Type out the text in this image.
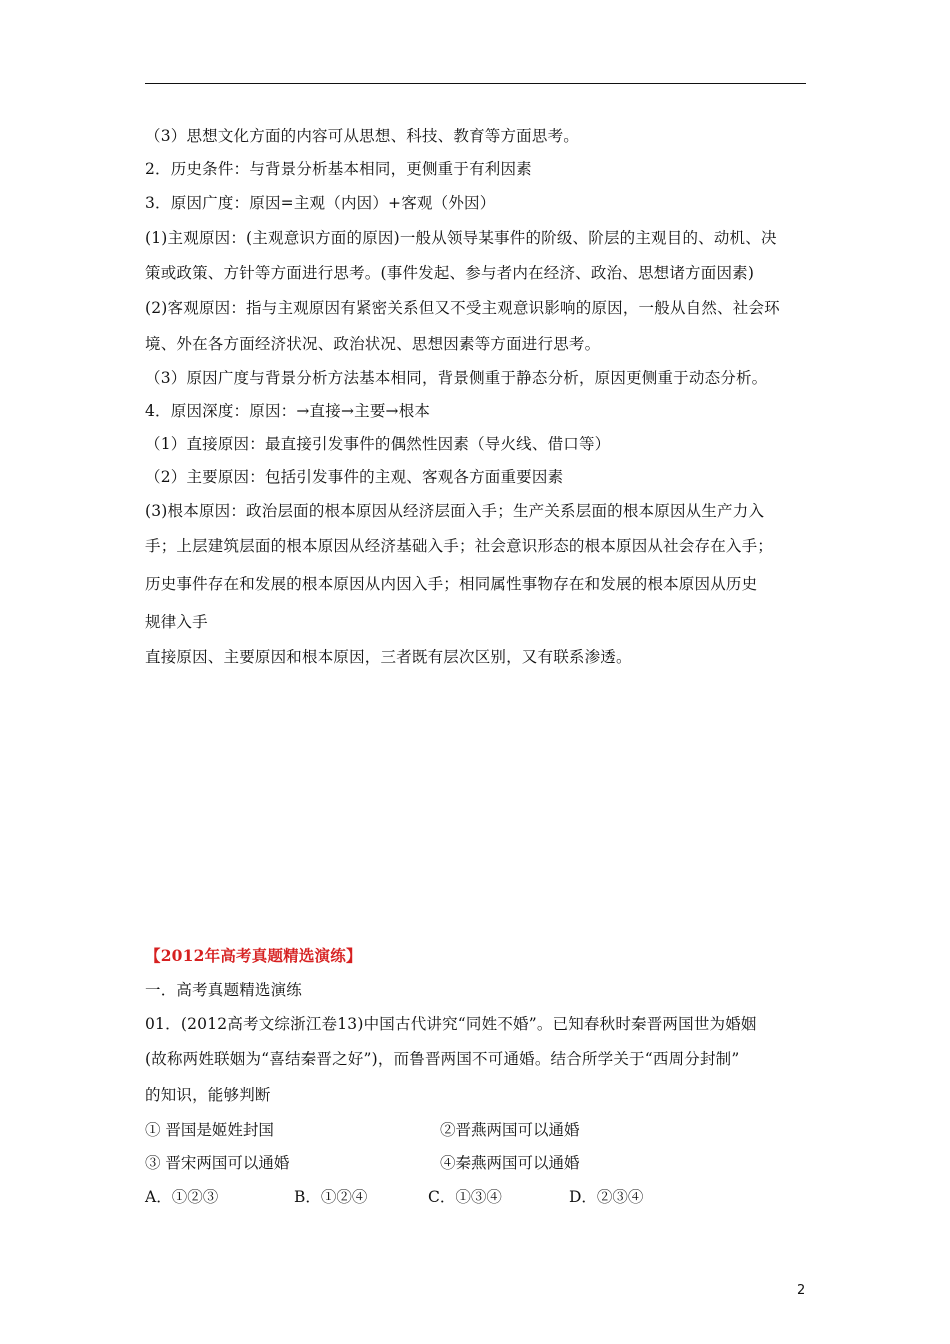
（3）思想文化方面的内容可从思想、科技、教育等方面思考。
2．历史条件：与背景分析基本相同，更侧重于有利因素
3．原因广度：原因=主观（内因）+客观（外因）
(1)主观原因：(主观意识方面的原因)一般从领导某事件的阶级、阶层的主观目的、动机、决
策或政策、方针等方面进行思考。(事件发起、参与者内在经济、政治、思想诸方面因素)
(2)客观原因：指与主观原因有紧密关系但又不受主观意识影响的原因，一般从自然、社会环
境、外在各方面经济状况、政治状况、思想因素等方面进行思考。
（3）原因广度与背景分析方法基本相同，背景侧重于静态分析，原因更侧重于动态分析。
4．原因深度：原因：→直接→主要→根本
（1）直接原因：最直接引发事件的偶然性因素（导火线、借口等）
（2）主要原因：包括引发事件的主观、客观各方面重要因素
(3)根本原因：政治层面的根本原因从经济层面入手；生产关系层面的根本原因从生产力入
手；上层建筑层面的根本原因从经济基础入手；社会意识形态的根本原因从社会存在入手；
历史事件存在和发展的根本原因从内因入手；相同属性事物存在和发展的根本原因从历史
规律入手
直接原因、主要原因和根本原因，三者既有层次区别，又有联系渗透。
【2012年高考真题精选演练】
一．高考真题精选演练
01．(2012高考文综浙江卷13)中国古代讲究“同姓不婚”。已知春秋时秦晋两国世为婚姻
(故称两姓联姻为“喜结秦晋之好”)，而鲁晋两国不可通婚。结合所学关于“西周分封制”
的知识，能够判断
① 晋国是姬姓封国	②晋燕两国可以通婚
③ 晋宋两国可以通婚	④秦燕两国可以通婚
A．①②③	B．①②④	C．①③④	D．②③④
2
